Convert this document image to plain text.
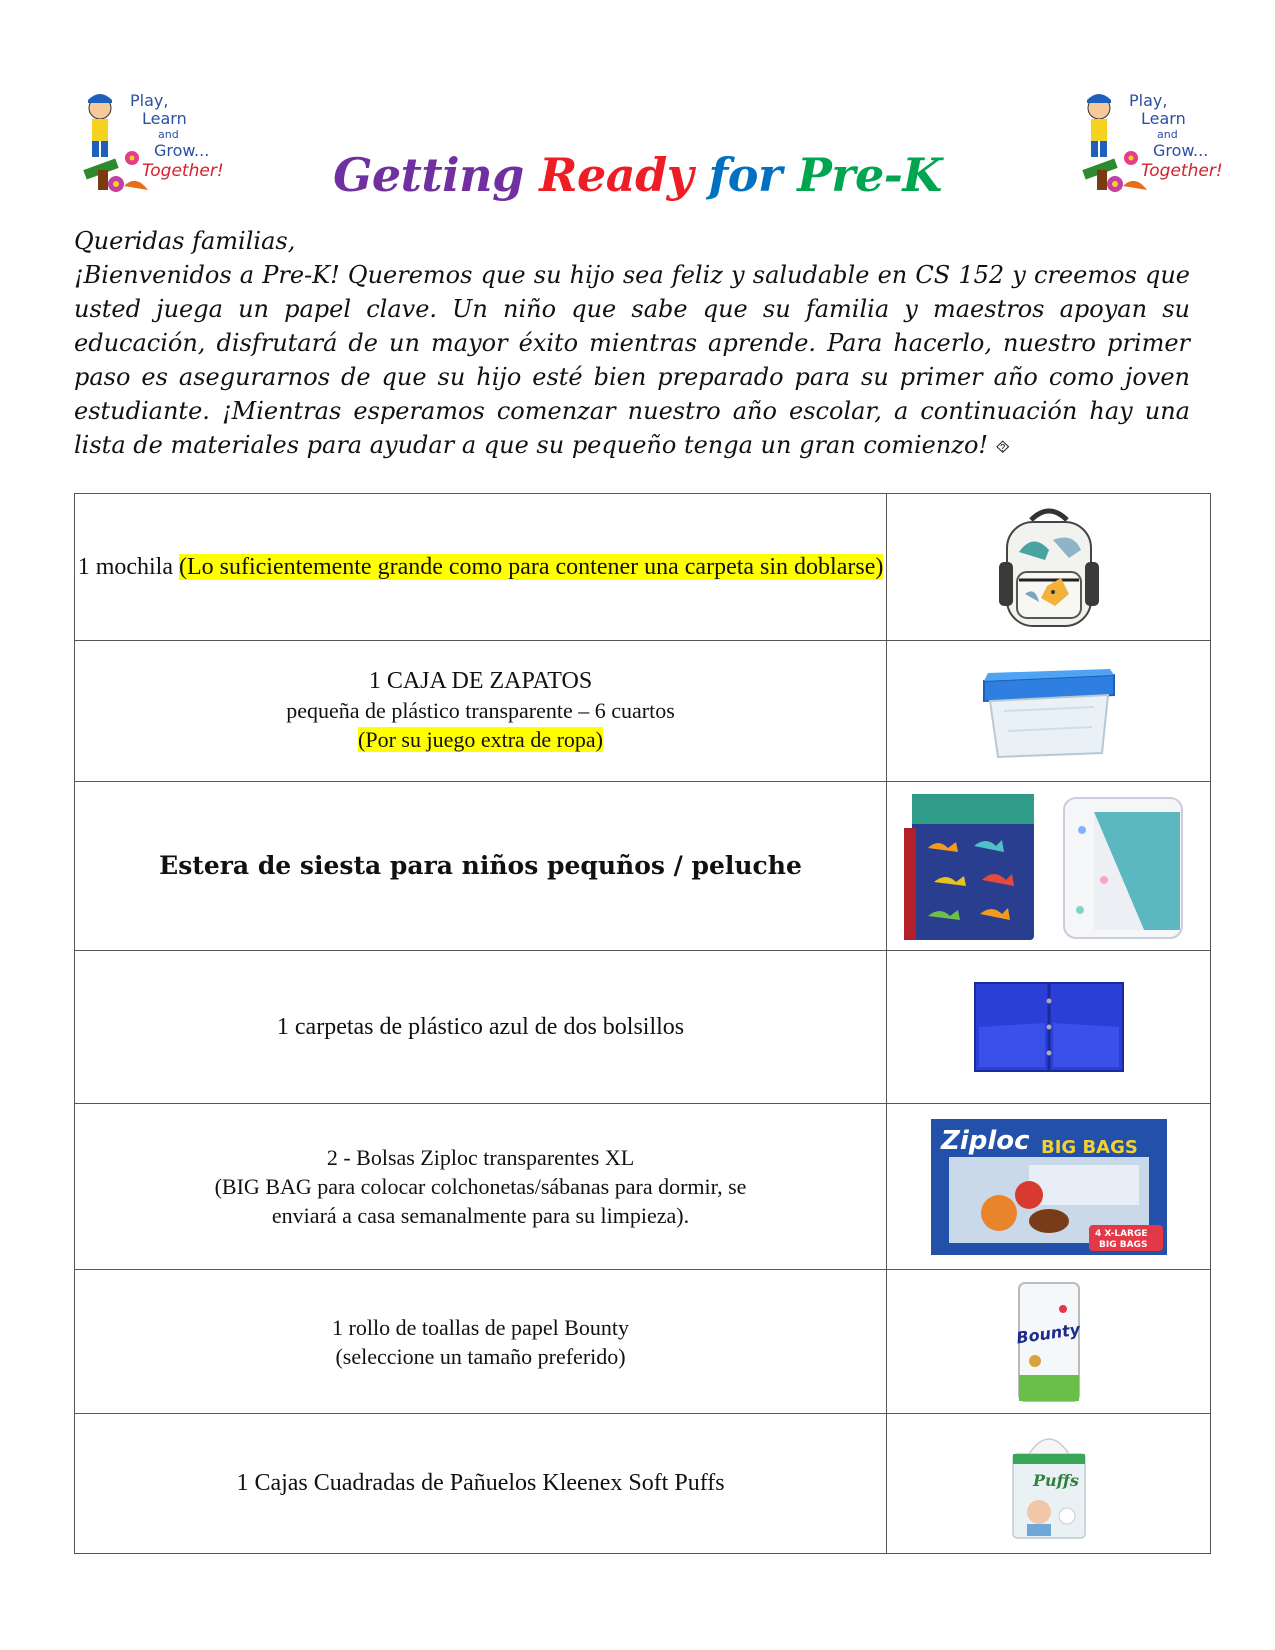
Play,
Learn
and
Grow...
Together!
Play,
Learn
and
Grow...
Together!
Getting Ready for Pre-K
Queridas familias,
¡Bienvenidos a Pre-K! Queremos que su hijo sea feliz y saludable en CS 152 y creemos que usted juega un papel clave. Un niño que sabe que su familia y maestros apoyan su educación, disfrutará de un mayor éxito mientras aprende. Para hacerlo, nuestro primer paso es asegurarnos de que su hijo esté bien preparado para su primer año como joven estudiante. ¡Mientras esperamos comenzar nuestro año escolar, a continuación hay una lista de materiales para ayudar a que su pequeño tenga un gran comienzo! ⯑
1 mochila (Lo suficientemente grande como para contener una carpeta sin doblarse)	

1 CAJA DE ZAPATOS
pequeña de plástico transparente – 6 cuartos
(Por su juego extra de ropa)	

Estera de siesta para niños pequños / peluche	

1 carpetas de plástico azul de dos bolsillos	

2 - Bolsas Ziploc transparentes XL
(BIG BAG para colocar colchonetas/sábanas para dormir, se
enviará a casa semanalmente para su limpieza).	Ziploc BIG BAGS
4 X-LARGE
BIG BAGS

1 rollo de toallas de papel Bounty
(seleccione un tamaño preferido)	Bounty

1 Cajas Cuadradas de Pañuelos Kleenex Soft Puffs	Puffs
